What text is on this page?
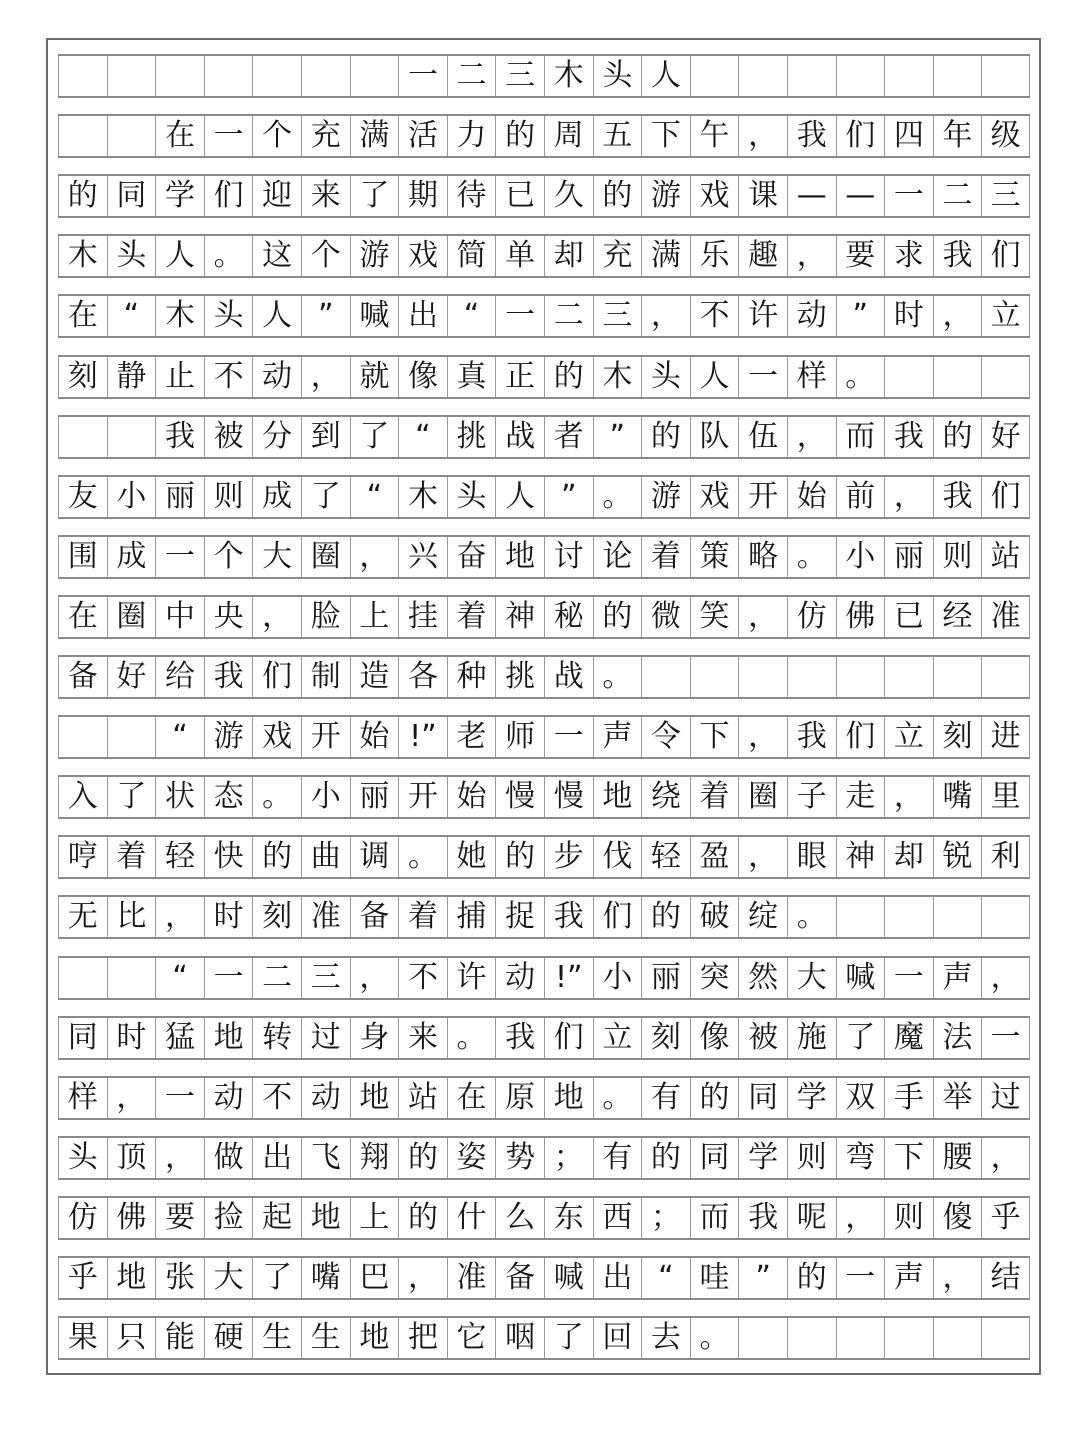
一 二 三 木 头 人
在 一 个 充 满 活 力 的 周 五 下 午 ， 我 们 四 年 级
的 同 学 们 迎 来 了 期 待 已 久 的 游 戏 课 — — 一 二 三
木 头 人 。 这 个 游 戏 简 单 却 充 满 乐 趣 ， 要 求 我 们
在 “ 木 头 人 ” 喊 出 “ 一 二 三 ， 不 许 动 ” 时 ， 立
刻 静 止 不 动 ， 就 像 真 正 的 木 头 人 一 样 。
我 被 分 到 了 “ 挑 战 者 ” 的 队 伍 ， 而 我 的 好
友 小 丽 则 成 了 “ 木 头 人 ” 。 游 戏 开 始 前 ， 我 们
围 成 一 个 大 圈 ， 兴 奋 地 讨 论 着 策 略 。 小 丽 则 站
在 圈 中 央 ， 脸 上 挂 着 神 秘 的 微 笑 ， 仿 佛 已 经 准
备 好 给 我 们 制 造 各 种 挑 战 。
“ 游 戏 开 始 !” 老 师 一 声 令 下 ， 我 们 立 刻 进
入 了 状 态 。 小 丽 开 始 慢 慢 地 绕 着 圈 子 走 ， 嘴 里
哼 着 轻 快 的 曲 调 。 她 的 步 伐 轻 盈 ， 眼 神 却 锐 利
无 比 ， 时 刻 准 备 着 捕 捉 我 们 的 破 绽 。
“ 一 二 三 ， 不 许 动 !” 小 丽 突 然 大 喊 一 声 ，
同 时 猛 地 转 过 身 来 。 我 们 立 刻 像 被 施 了 魔 法 一
样 ， 一 动 不 动 地 站 在 原 地 。 有 的 同 学 双 手 举 过
头 顶 ， 做 出 飞 翔 的 姿 势 ； 有 的 同 学 则 弯 下 腰 ，
仿 佛 要 捡 起 地 上 的 什 么 东 西 ； 而 我 呢 ， 则 傻 乎
乎 地 张 大 了 嘴 巴 ， 准 备 喊 出 “ 哇 ” 的 一 声 ， 结
果 只 能 硬 生 生 地 把 它 咽 了 回 去 。
